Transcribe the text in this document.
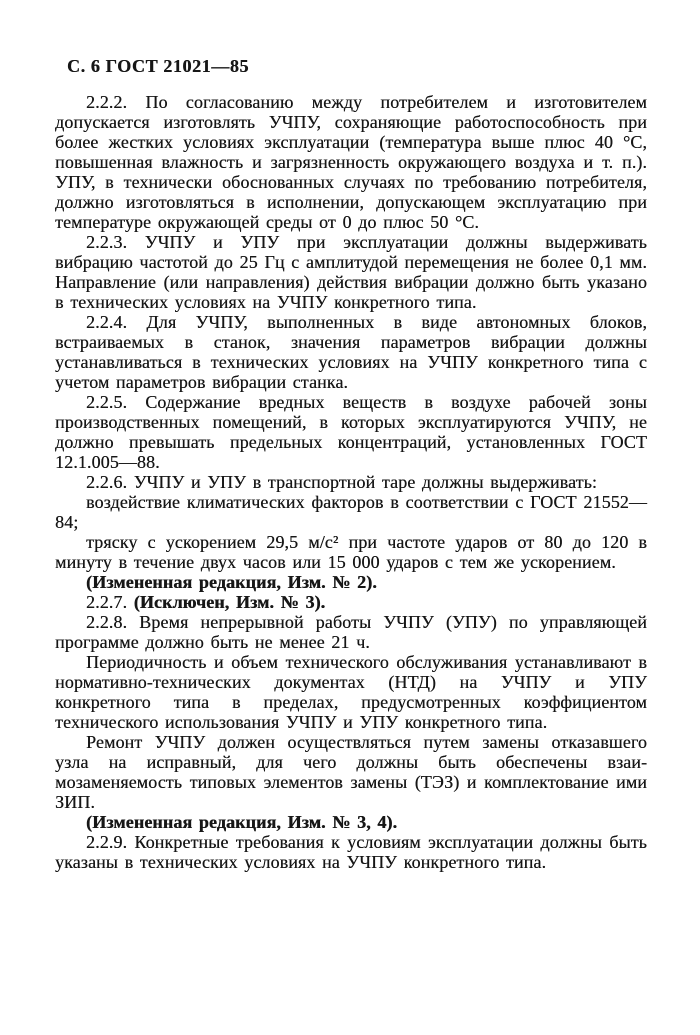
С. 6 ГОСТ 21021—85

2.2.2. По согласованию между потребителем и изготовителем допускается изготовлять УЧПУ, сохраняющие работоспособность при более жестких условиях эксплуатации (температура выше плюс 40 °С, повышенная влажность и загрязненность окружающего воздуха и т. п.). УПУ, в технически обоснованных случаях по требованию потребителя, должно изготовляться в исполнении, допускающем эксплуатацию при температуре окружающей среды от 0 до плюс 50 °С.

2.2.3. УЧПУ и УПУ при эксплуатации должны выдерживать вибрацию частотой до 25 Гц с амплитудой перемещения не более 0,1 мм. Направление (или направления) действия вибрации должно быть указано в технических условиях на УЧПУ конкретного типа.

2.2.4. Для УЧПУ, выполненных в виде автономных блоков, встраиваемых в станок, значения параметров вибрации должны устанавливаться в технических условиях на УЧПУ конкретного типа с учетом параметров вибрации станка.

2.2.5. Содержание вредных веществ в воздухе рабочей зоны производственных помещений, в которых эксплуатируются УЧПУ, не должно превышать предельных концентраций, установленных ГОСТ 12.1.005—88.

2.2.6. УЧПУ и УПУ в транспортной таре должны выдерживать:

воздействие климатических факторов в соответствии с ГОСТ 21552—84;

тряску с ускорением 29,5 м/с² при частоте ударов от 80 до 120 в минуту в течение двух часов или 15 000 ударов с тем же ускорением.

(Измененная редакция, Изм. № 2).

2.2.7. (Исключен, Изм. № 3).

2.2.8. Время непрерывной работы УЧПУ (УПУ) по управляющей программе должно быть не менее 21 ч.

Периодичность и объем технического обслуживания устанавливают в нормативно-технических документах (НТД) на УЧПУ и УПУ конкретного типа в пределах, предусмотренных коэффициентом технического использования УЧПУ и УПУ конкретного типа.

Ремонт УЧПУ должен осуществляться путем замены отказавшего узла на исправный, для чего должны быть обеспечены взаимозаменяемость типовых элементов замены (ТЭЗ) и комплектование ими ЗИП.

(Измененная редакция, Изм. № 3, 4).

2.2.9. Конкретные требования к условиям эксплуатации должны быть указаны в технических условиях на УЧПУ конкретного типа.
